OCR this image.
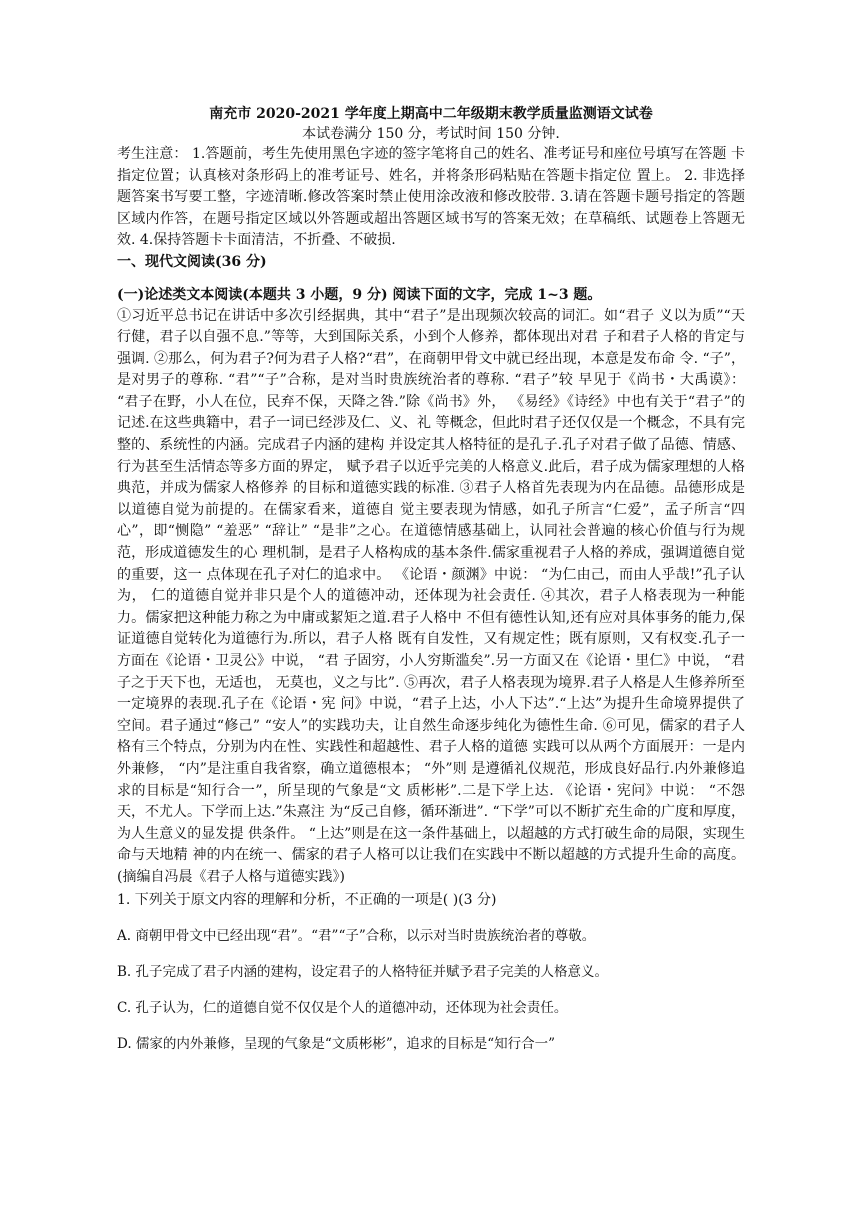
南充市 2020-2021 学年度上期高中二年级期末教学质量监测语文试卷

本试卷满分 150 分，考试时间 150 分钟.

考生注意： 1.答题前，考生先使用黑色字迹的签字笔将自己的姓名、准考证号和座位号填写在答题 卡指定位置；认真核对条形码上的准考证号、姓名，并将条形码粘贴在答题卡指定位 置上。 2. 非选择题答案书写要工整，字迹清晰.修改答案时禁止使用涂改液和修改胶带. 3.请在答题卡题号指定的答题区域内作答，在题号指定区域以外答题或超出答题区域书写的答案无效；在草稿纸、试题卷上答题无效. 4.保持答题卡卡面清洁，不折叠、不破损.

一、现代文阅读(36 分)

(一)论述类文本阅读(本题共 3 小题，9 分) 阅读下面的文字，完成 1~3 题。

①习近平总书记在讲话中多次引经据典，其中“君子”是出现频次较高的词汇。如“君子 义以为质”“天行健，君子以自强不息.”等等，大到国际关系，小到个人修养，都体现出对君 子和君子人格的肯定与强调. ②那么，何为君子?何为君子人格?“君”，在商朝甲骨文中就已经出现，本意是发布命 令. “子”，是对男子的尊称. “君”“子”合称，是对当时贵族统治者的尊称. “君子”较 早见于《尚书・大禹谟》： “君子在野，小人在位，民弃不保，天降之咎.”除《尚书》外， 《易经》《诗经》中也有关于“君子”的记述.在这些典籍中，君子一词已经涉及仁、义、礼 等概念，但此时君子还仅仅是一个概念，不具有完整的、系统性的内涵。完成君子内涵的建构 并设定其人格特征的是孔子.孔子对君子做了品德、情感、行为甚至生活情态等多方面的界定， 赋予君子以近乎完美的人格意义.此后，君子成为儒家理想的人格典范，并成为儒家人格修养 的目标和道德实践的标准. ③君子人格首先表现为内在品德。品德形成是以道德自觉为前提的。在儒家看来，道德自 觉主要表现为情感，如孔子所言“仁爱”，孟子所言“四心”，即“恻隐” “羞恶” “辞让” “是非”之心。在道德情感基础上，认同社会普遍的核心价值与行为规范，形成道德发生的心 理机制，是君子人格构成的基本条件.儒家重视君子人格的养成，强调道德自觉的重要，这一 点体现在孔子对仁的追求中。 《论语・颜渊》中说： “为仁由己，而由人乎哉!”孔子认为， 仁的道德自觉并非只是个人的道德冲动，还体现为社会责任. ④其次，君子人格表现为一种能力。儒家把这种能力称之为中庸或絜矩之道.君子人格中 不但有德性认知,还有应对具体事务的能力,保证道德自觉转化为道德行为.所以，君子人格 既有自发性，又有规定性；既有原则，又有权变.孔子一方面在《论语・卫灵公》中说， “君 子固穷，小人穷斯滥矣”.另一方面又在《论语・里仁》中说， “君子之于天下也，无适也， 无莫也，义之与比”. ⑤再次，君子人格表现为境界.君子人格是人生修养所至一定境界的表现.孔子在《论语・宪 问》中说，“君子上达，小人下达”.“上达”为提升生命境界提供了空间。君子通过“修己” “安人”的实践功夫，让自然生命逐步纯化为德性生命. ⑥可见，儒家的君子人格有三个特点，分别为内在性、实践性和超越性、君子人格的道德 实践可以从两个方面展开：一是内外兼修， “内”是注重自我省察，确立道德根本； “外”则 是遵循礼仪规范，形成良好品行.内外兼修追求的目标是“知行合一”，所呈现的气象是“文 质彬彬”.二是下学上达. 《论语・宪问》中说： “不怨天，不尤人。下学而上达.”朱熹注 为“反己自修，循环渐进”. “下学”可以不断扩充生命的广度和厚度，为人生意义的显发提 供条件。 “上达”则是在这一条件基础上，以超越的方式打破生命的局限，实现生命与天地精 神的内在统一、儒家的君子人格可以让我们在实践中不断以超越的方式提升生命的高度。(摘编自冯晨《君子人格与道德实践》)

1. 下列关于原文内容的理解和分析，不正确的一项是( )(3 分)

A. 商朝甲骨文中已经出现“君”。“君”“子”合称，以示对当时贵族统治者的尊敬。
B. 孔子完成了君子内涵的建构，设定君子的人格特征并赋予君子完美的人格意义。
C. 孔子认为，仁的道德自觉不仅仅是个人的道德冲动，还体现为社会责任。
D. 儒家的内外兼修，呈现的气象是“文质彬彬”，追求的目标是“知行合一”
